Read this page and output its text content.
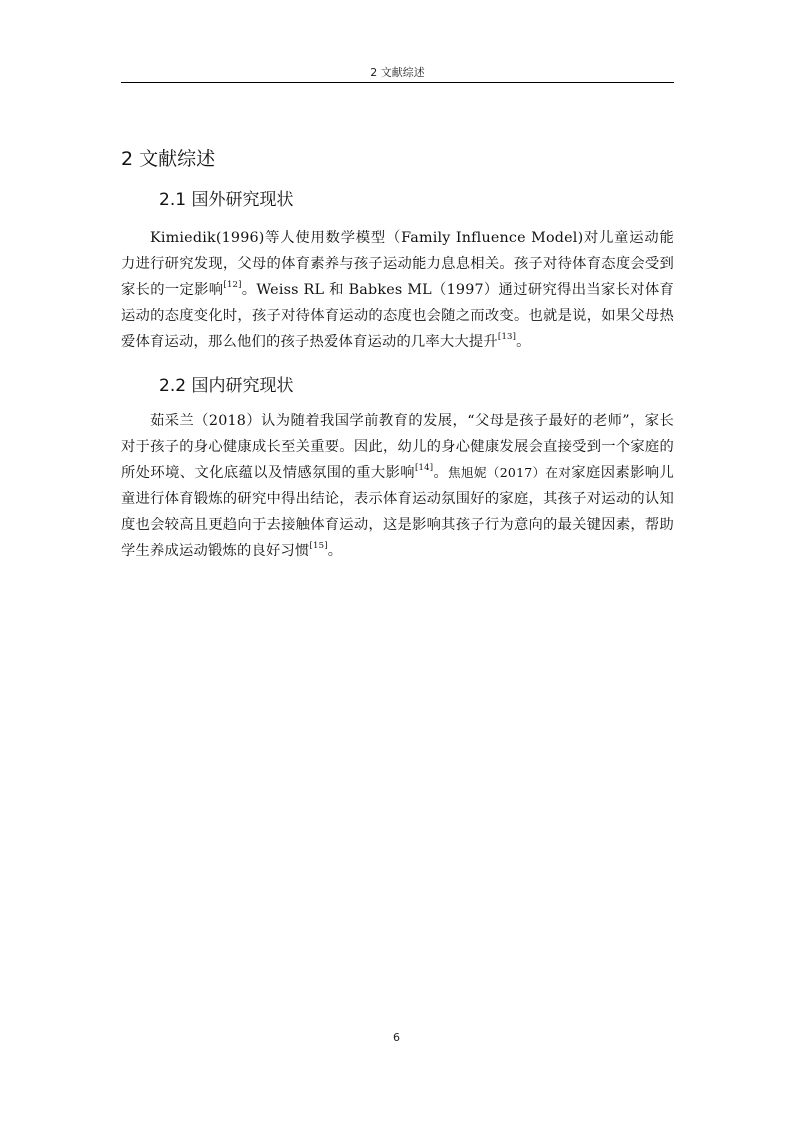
2 文献综述
2 文献综述
2.1 国外研究现状

Kimiedik(1996)等人使用数学模型（Family Influence Model)对儿童运动能力进行研究发现，父母的体育素养与孩子运动能力息息相关。孩子对待体育态度会受到家长的一定影响[12]。Weiss RL 和 Babkes ML（1997）通过研究得出当家长对体育运动的态度变化时，孩子对待体育运动的态度也会随之而改变。也就是说，如果父母热爱体育运动，那么他们的孩子热爱体育运动的几率大大提升[13]。

2.2 国内研究现状

茹采兰（2018）认为随着我国学前教育的发展，“父母是孩子最好的老师”，家长对于孩子的身心健康成长至关重要。因此，幼儿的身心健康发展会直接受到一个家庭的所处环境、文化底蕴以及情感氛围的重大影响[14]。焦旭妮（2017）在对家庭因素影响儿童进行体育锻炼的研究中得出结论，表示体育运动氛围好的家庭，其孩子对运动的认知度也会较高且更趋向于去接触体育运动，这是影响其孩子行为意向的最关键因素，帮助学生养成运动锻炼的良好习惯[15]。

6
